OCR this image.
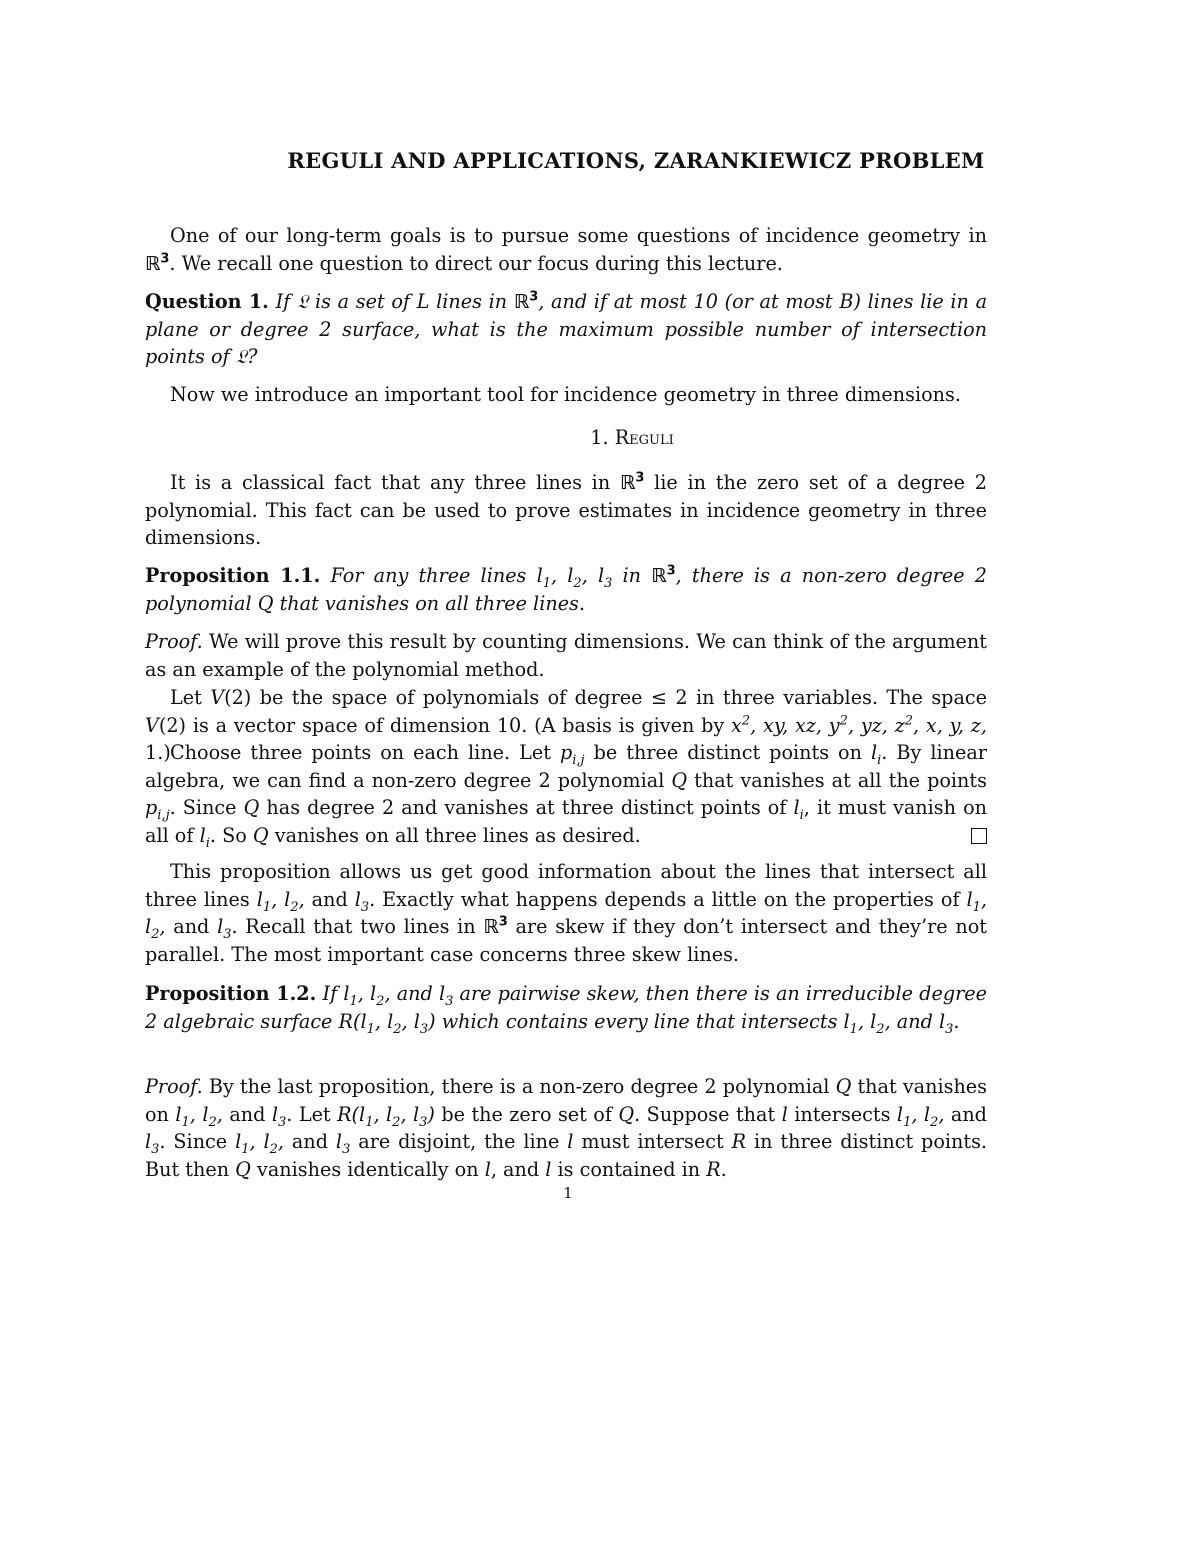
REGULI AND APPLICATIONS, ZARANKIEWICZ PROBLEM
One of our long-term goals is to pursue some questions of incidence geometry in ℝ$^3$. We recall one question to direct our focus during this lecture.
Question 1. If 𝔏 is a set of L lines in ℝ$^3$, and if at most 10 (or at most B) lines lie in a plane or degree 2 surface, what is the maximum possible number of intersection points of 𝔏?
Now we introduce an important tool for incidence geometry in three dimensions.
1. Reguli
It is a classical fact that any three lines in ℝ$^3$ lie in the zero set of a degree 2 polynomial. This fact can be used to prove estimates in incidence geometry in three dimensions.
Proposition 1.1. For any three lines $l_1$, $l_2$, $l_3$ in ℝ$^3$, there is a non-zero degree 2 polynomial Q that vanishes on all three lines.
Proof. We will prove this result by counting dimensions. We can think of the argument as an example of the polynomial method.
Let V(2) be the space of polynomials of degree ≤ 2 in three variables. The space V(2) is a vector space of dimension 10. (A basis is given by $x^2$, xy, xz, $y^2$, yz, $z^2$, x, y, z, 1.) Choose three points on each line. Let $p_{i,j}$ be three distinct points on $l_i$. By linear algebra, we can find a non-zero degree 2 polynomial Q that vanishes at all the points $p_{i,j}$. Since Q has degree 2 and vanishes at three distinct points of $l_i$, it must vanish on all of $l_i$. So Q vanishes on all three lines as desired.
This proposition allows us get good information about the lines that intersect all three lines $l_1$, $l_2$, and $l_3$. Exactly what happens depends a little on the properties of $l_1$, $l_2$, and $l_3$. Recall that two lines in ℝ$^3$ are skew if they don’t intersect and they’re not parallel. The most important case concerns three skew lines.
Proposition 1.2. If $l_1$, $l_2$, and $l_3$ are pairwise skew, then there is an irreducible degree 2 algebraic surface $R(l_1$, $l_2$, $l_3$) which contains every line that intersects $l_1$, $l_2$, and $l_3$.
Proof. By the last proposition, there is a non-zero degree 2 polynomial Q that vanishes on $l_1$, $l_2$, and $l_3$. Let $R(l_1$, $l_2$, $l_3$) be the zero set of Q. Suppose that l intersects $l_1$, $l_2$, and $l_3$. Since $l_1$, $l_2$, and $l_3$ are disjoint, the line l must intersect R in three distinct points. But then Q vanishes identically on l, and l is contained in R.
1
